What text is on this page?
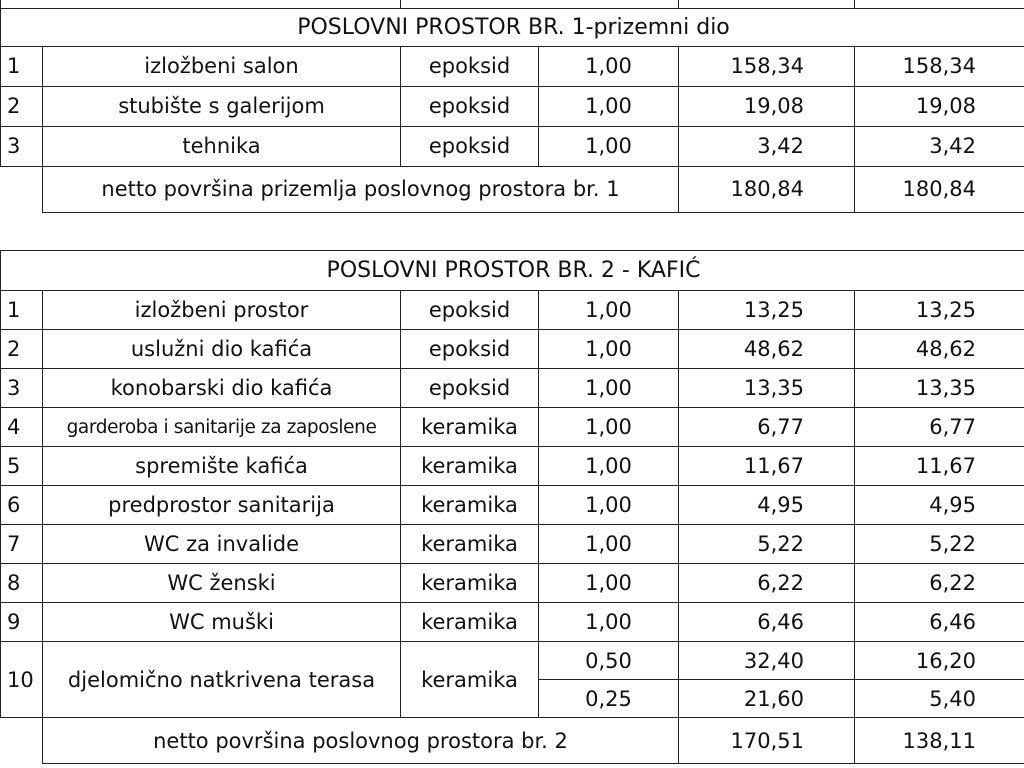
POSLOVNI PROSTOR BR. 1-prizemni dio					
1	izložbeni salon	epoksid	1,00	158,34	158,34
2	stubište s galerijom	epoksid	1,00	19,08	19,08
3	tehnika	epoksid	1,00	3,42	3,42
	netto površina prizemlja poslovnog prostora br. 1			180,84	180,84
POSLOVNI PROSTOR BR. 2 - KAFIĆ					
1	izložbeni prostor	epoksid	1,00	13,25	13,25
2	uslužni dio kafića	epoksid	1,00	48,62	48,62
3	konobarski dio kafića	epoksid	1,00	13,35	13,35
4	garderoba i sanitarije za zaposlene	keramika	1,00	6,77	6,77
5	spremište kafića	keramika	1,00	11,67	11,67
6	predprostor sanitarija	keramika	1,00	4,95	4,95
7	WC za invalide	keramika	1,00	5,22	5,22
8	WC ženski	keramika	1,00	6,22	6,22
9	WC muški	keramika	1,00	6,46	6,46
10	djelomično natkrivena terasa	keramika	0,50	32,40	16,20
			0,25	21,60	5,40
	netto površina poslovnog prostora br. 2			170,51	138,11
